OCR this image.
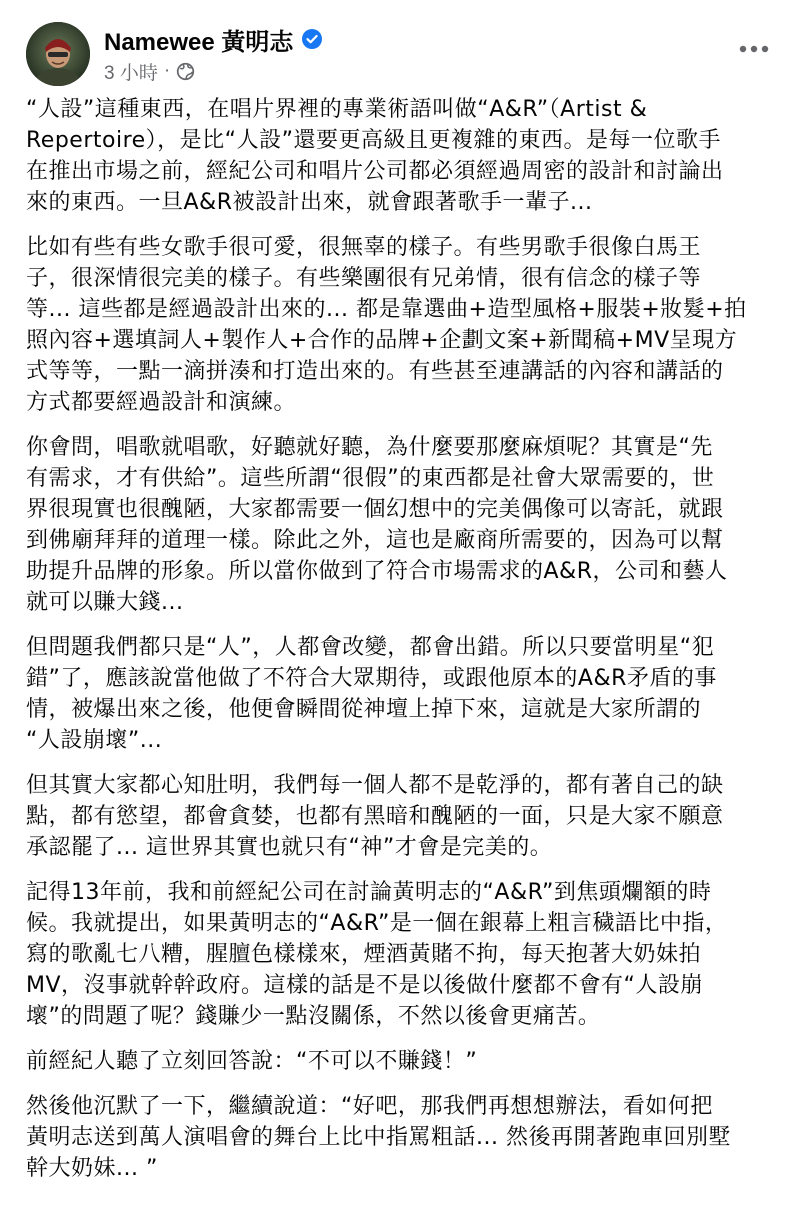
Namewee 黃明志
3 小時 ·

“人設”這種東西，在唱片界裡的專業術語叫做“A&R”（Artist &
Repertoire），是比“人設”還要更高級且更複雜的東西。是每一位歌手
在推出市場之前，經紀公司和唱片公司都必須經過周密的設計和討論出
來的東西。一旦A&R被設計出來，就會跟著歌手一輩子...

比如有些有些女歌手很可愛，很無辜的樣子。有些男歌手很像白馬王
子，很深情很完美的樣子。有些樂團很有兄弟情，很有信念的樣子等
等... 這些都是經過設計出來的... 都是靠選曲+造型風格+服裝+妝髮+拍
照內容+選填詞人+製作人+合作的品牌+企劃文案+新聞稿+MV呈現方
式等等，一點一滴拼湊和打造出來的。有些甚至連講話的內容和講話的
方式都要經過設計和演練。

你會問，唱歌就唱歌，好聽就好聽，為什麼要那麼麻煩呢？其實是“先
有需求，才有供給”。這些所謂“很假”的東西都是社會大眾需要的，世
界很現實也很醜陋，大家都需要一個幻想中的完美偶像可以寄託，就跟
到佛廟拜拜的道理一樣。除此之外，這也是廠商所需要的，因為可以幫
助提升品牌的形象。所以當你做到了符合市場需求的A&R，公司和藝人
就可以賺大錢...

但問題我們都只是“人”，人都會改變，都會出錯。所以只要當明星“犯
錯”了，應該說當他做了不符合大眾期待，或跟他原本的A&R矛盾的事
情，被爆出來之後，他便會瞬間從神壇上掉下來，這就是大家所謂的
“人設崩壞”...

但其實大家都心知肚明，我們每一個人都不是乾淨的，都有著自己的缺
點，都有慾望，都會貪婪，也都有黑暗和醜陋的一面，只是大家不願意
承認罷了... 這世界其實也就只有“神”才會是完美的。

記得13年前，我和前經紀公司在討論黃明志的“A&R”到焦頭爛額的時
候。我就提出，如果黃明志的“A&R”是一個在銀幕上粗言穢語比中指，
寫的歌亂七八糟，腥膻色樣樣來，煙酒黃賭不拘，每天抱著大奶妹拍
MV，沒事就幹幹政府。這樣的話是不是以後做什麼都不會有“人設崩
壞”的問題了呢？錢賺少一點沒關係，不然以後會更痛苦。

前經紀人聽了立刻回答說：“不可以不賺錢！”

然後他沉默了一下，繼續說道：“好吧，那我們再想想辦法，看如何把
黃明志送到萬人演唱會的舞台上比中指罵粗話... 然後再開著跑車回別墅
幹大奶妹... ”
